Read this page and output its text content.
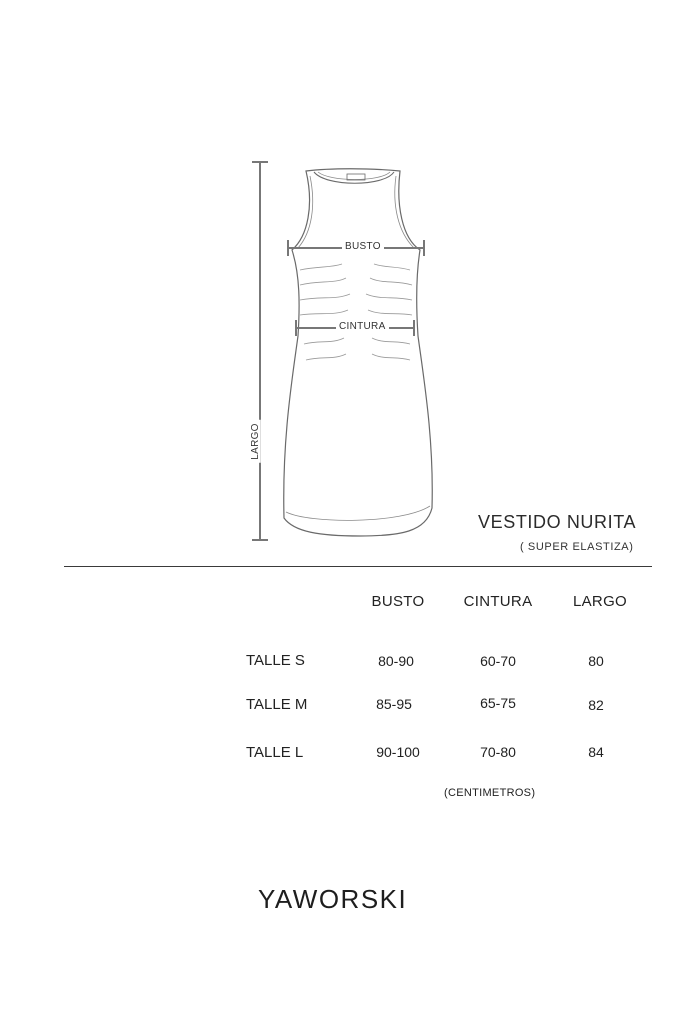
BUSTO
CINTURA
LARGO
VESTIDO NURITA
( SUPER ELASTIZA)
BUSTO	CINTURA	LARGO
TALLE S	80-90	60-70	80
TALLE M	85-95	65-75	82
TALLE L	90-100	70-80	84
(CENTIMETROS)
YAWORSKI
